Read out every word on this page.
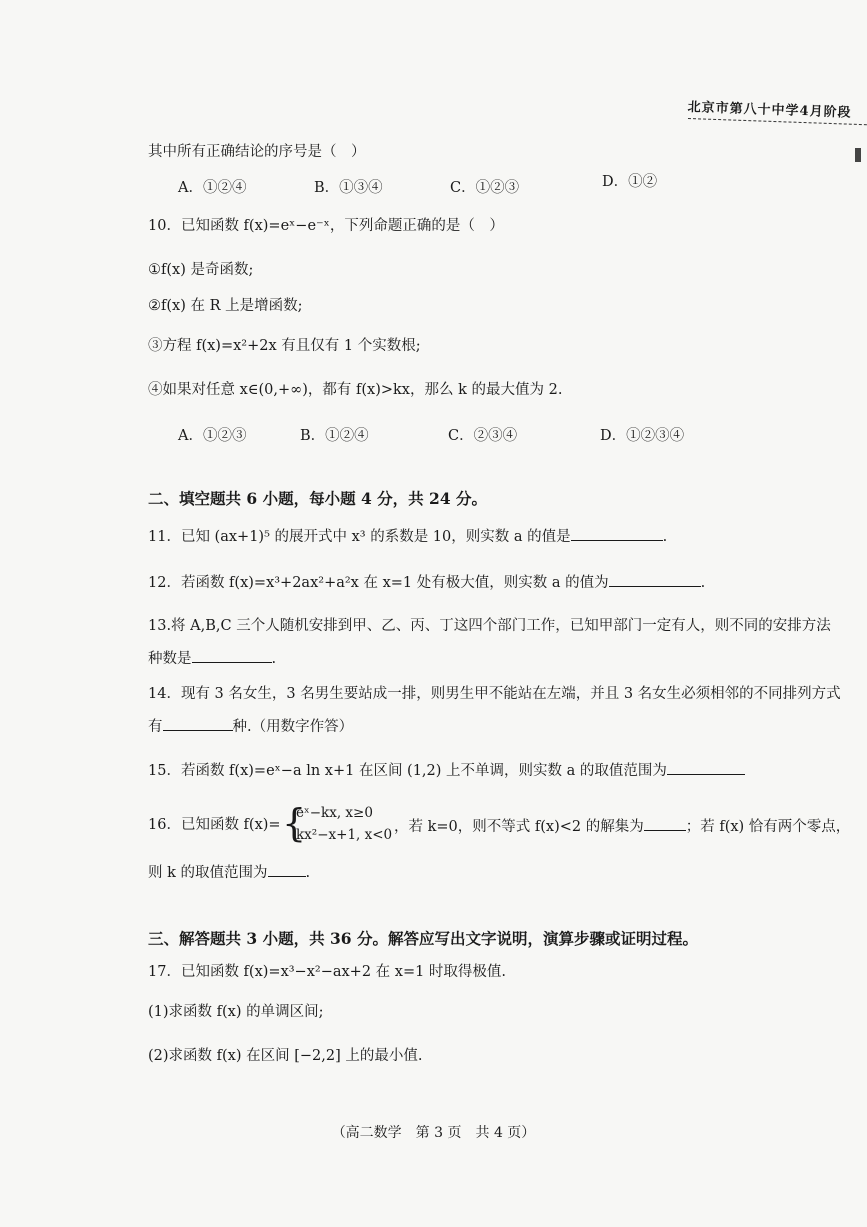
北京市第八十中学4月阶段
其中所有正确结论的序号是（　）
A．①②④	B．①③④	C．①②③	D．①②
10．已知函数 f(x)=eˣ−e⁻ˣ，下列命题正确的是（　）
①f(x) 是奇函数;
②f(x) 在 R 上是增函数;
③方程 f(x)=x²+2x 有且仅有 1 个实数根;
④如果对任意 x∈(0,+∞)，都有 f(x)>kx，那么 k 的最大值为 2.
A．①②③	B．①②④	C．②③④	D．①②③④
二、填空题共 6 小题，每小题 4 分，共 24 分。
11．已知 (ax+1)⁵ 的展开式中 x³ 的系数是 10，则实数 a 的值是	.
12．若函数 f(x)=x³+2ax²+a²x 在 x=1 处有极大值，则实数 a 的值为	.
13.将 A,B,C 三个人随机安排到甲、乙、丙、丁这四个部门工作，已知甲部门一定有人，则不同的安排方法
种数是	.
14．现有 3 名女生，3 名男生要站成一排，则男生甲不能站在左端，并且 3 名女生必须相邻的不同排列方式
有	种.（用数字作答）
15．若函数 f(x)=eˣ−a ln x+1 在区间 (1,2) 上不单调，则实数 a 的取值范围为
16．已知函数 f(x)= {
eˣ−kx, x≥0
kx²−x+1, x<0 ，若 k=0，则不等式 f(x)<2 的解集为	；若 f(x) 恰有两个零点，
则 k 的取值范围为	.
三、解答题共 3 小题，共 36 分。解答应写出文字说明，演算步骤或证明过程。
17．已知函数 f(x)=x³−x²−ax+2 在 x=1 时取得极值.
(1)求函数 f(x) 的单调区间;
(2)求函数 f(x) 在区间 [−2,2] 上的最小值.
（高二数学　第 3 页　共 4 页）
